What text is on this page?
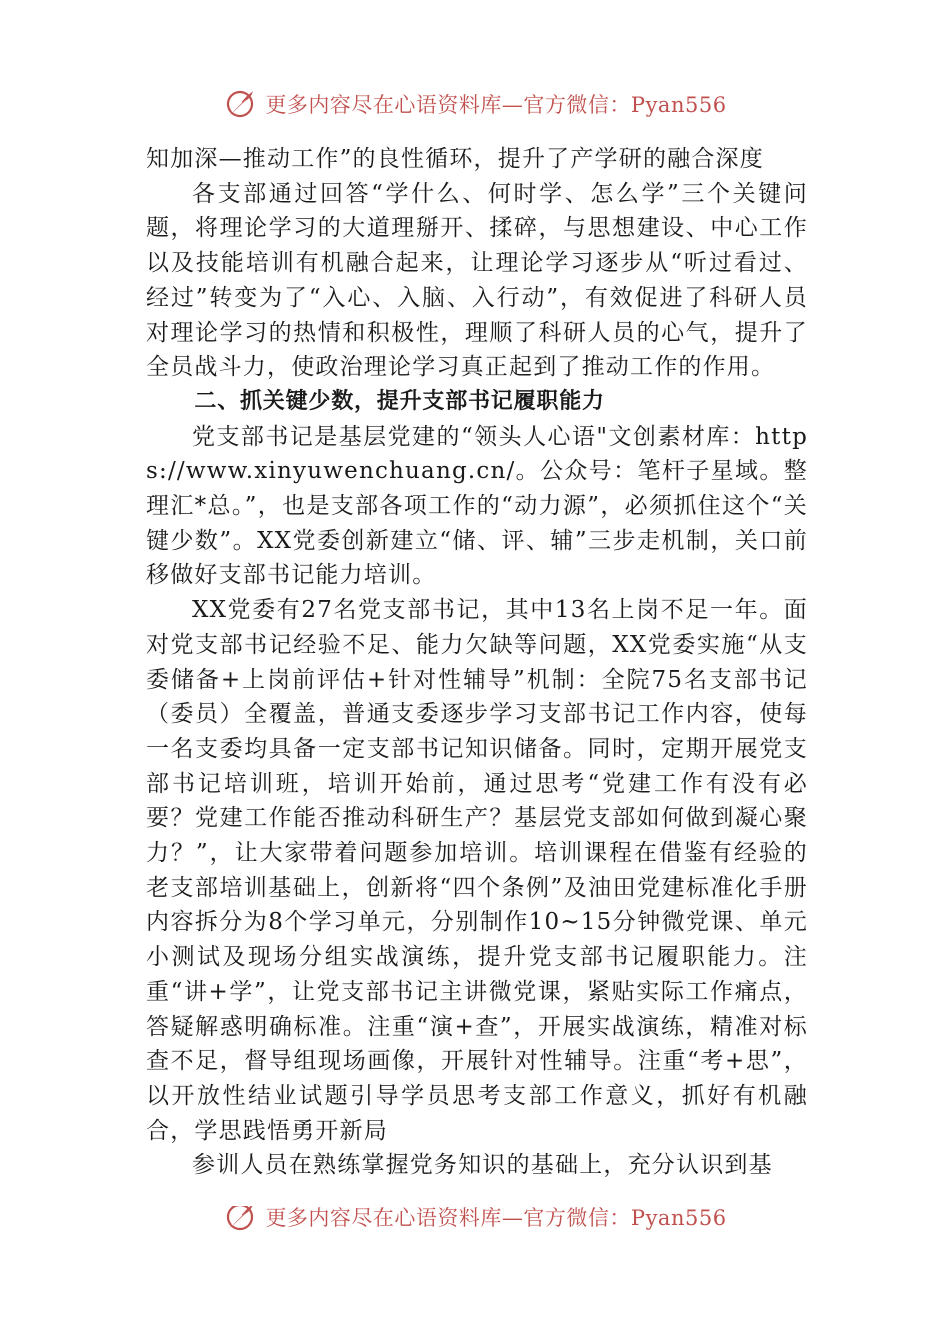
更多内容尽在心语资料库—官方微信：Pyan556

知加深—推动工作”的良性循环，提升了产学研的融合深度

各支部通过回答“学什么、何时学、怎么学”三个关键问题，将理论学习的大道理掰开、揉碎，与思想建设、中心工作以及技能培训有机融合起来，让理论学习逐步从“听过看过、经过”转变为了“入心、入脑、入行动”，有效促进了科研人员对理论学习的热情和积极性，理顺了科研人员的心气，提升了全员战斗力，使政治理论学习真正起到了推动工作的作用。

二、抓关键少数，提升支部书记履职能力

党支部书记是基层党建的“领头人心语"文创素材库：https://www.xinyuwenchuang.cn/。公众号：笔杆子星域。整理汇*总。”，也是支部各项工作的“动力源”，必须抓住这个“关键少数”。XX党委创新建立“储、评、辅”三步走机制，关口前移做好支部书记能力培训。

XX党委有27名党支部书记，其中13名上岗不足一年。面对党支部书记经验不足、能力欠缺等问题，XX党委实施“从支委储备+上岗前评估+针对性辅导”机制：全院75名支部书记（委员）全覆盖，普通支委逐步学习支部书记工作内容，使每一名支委均具备一定支部书记知识储备。同时，定期开展党支部书记培训班，培训开始前，通过思考“党建工作有没有必要？党建工作能否推动科研生产？基层党支部如何做到凝心聚力？”，让大家带着问题参加培训。培训课程在借鉴有经验的老支部培训基础上，创新将“四个条例”及油田党建标准化手册内容拆分为8个学习单元，分别制作10~15分钟微党课、单元小测试及现场分组实战演练，提升党支部书记履职能力。注重“讲+学”，让党支部书记主讲微党课，紧贴实际工作痛点，答疑解惑明确标准。注重“演+查”，开展实战演练，精准对标查不足，督导组现场画像，开展针对性辅导。注重“考+思”，以开放性结业试题引导学员思考支部工作意义，抓好有机融合，学思践悟勇开新局

参训人员在熟练掌握党务知识的基础上，充分认识到基

更多内容尽在心语资料库—官方微信：Pyan556
